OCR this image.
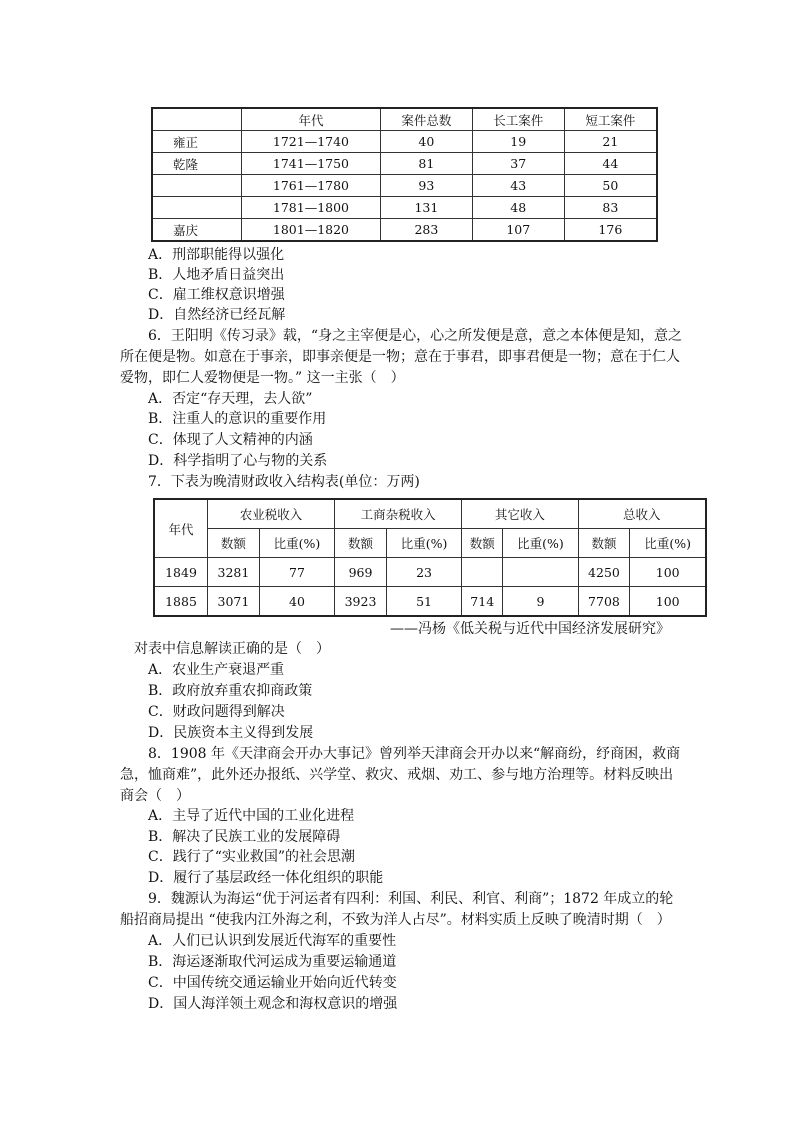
	年代	案件总数	长工案件	短工案件
雍正	1721—1740	40	19	21
乾隆	1741—1750	81	37	44
	1761—1780	93	43	50
	1781—1800	131	48	83
嘉庆	1801—1820	283	107	176
A．刑部职能得以强化
B．人地矛盾日益突出
C．雇工维权意识增强
D．自然经济已经瓦解
6．王阳明《传习录》载，“身之主宰便是心，心之所发便是意，意之本体便是知，意之
所在便是物。如意在于事亲，即事亲便是一物；意在于事君，即事君便是一物；意在于仁人
爱物，即仁人爱物便是一物。” 这一主张（　）
A．否定“存天理，去人欲”
B．注重人的意识的重要作用
C．体现了人文精神的内涵
D．科学指明了心与物的关系
7．下表为晚清财政收入结构表(单位：万两)
年代	农业税收入		工商杂税收入		其它收入		总收入	
	数额	比重(%)	数额	比重(%)	数额	比重(%)	数额	比重(%)
1849	3281	77	969	23			4250	100
1885	3071	40	3923	51	714	9	7708	100
——冯杨《低关税与近代中国经济发展研究》
对表中信息解读正确的是（　）
A．农业生产衰退严重
B．政府放弃重农抑商政策
C．财政问题得到解决
D．民族资本主义得到发展
8．1908 年《天津商会开办大事记》曾列举天津商会开办以来“解商纷，纾商困，救商
急，恤商难”，此外还办报纸、兴学堂、救灾、戒烟、劝工、参与地方治理等。材料反映出
商会（　）
A．主导了近代中国的工业化进程
B．解决了民族工业的发展障碍
C．践行了“实业救国”的社会思潮
D．履行了基层政经一体化组织的职能
9．魏源认为海运“优于河运者有四利：利国、利民、利官、利商”；1872 年成立的轮
船招商局提出 “使我内江外海之利，不致为洋人占尽”。材料实质上反映了晚清时期（　）
A．人们已认识到发展近代海军的重要性
B．海运逐渐取代河运成为重要运输通道
C．中国传统交通运输业开始向近代转变
D．国人海洋领土观念和海权意识的增强
